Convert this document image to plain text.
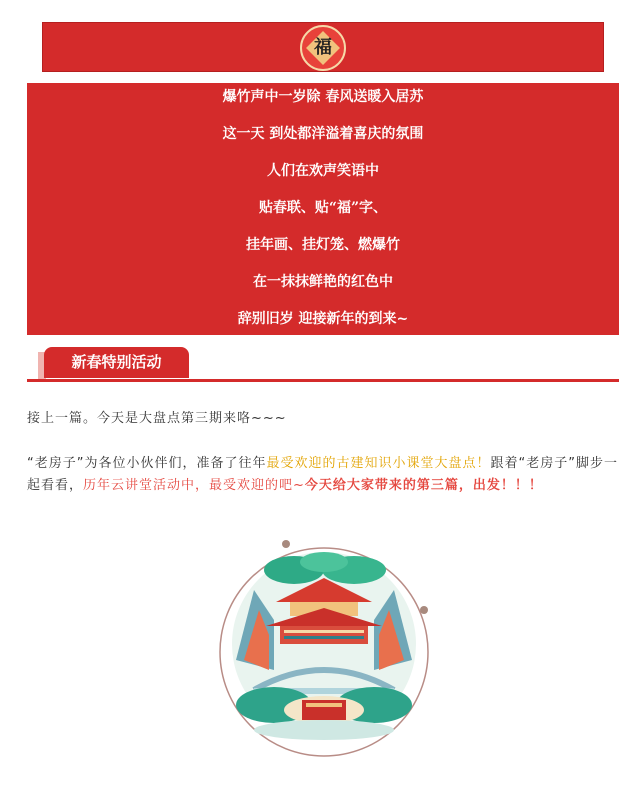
福
爆竹声中一岁除 春风送暖入居苏
这一天 到处都洋溢着喜庆的氛围
人们在欢声笑语中
贴春联、贴“福”字、
挂年画、挂灯笼、燃爆竹
在一抹抹鲜艳的红色中
辞别旧岁 迎接新年的到来~
新春特别活动
接上一篇。今天是大盘点第三期来咯~~~
“老房子”为各位小伙伴们，准备了往年最受欢迎的古建知识小课堂大盘点！跟着“老房子”脚步一起看看，历年云讲堂活动中，最受欢迎的吧~今天给大家带来的第三篇，出发！！！
